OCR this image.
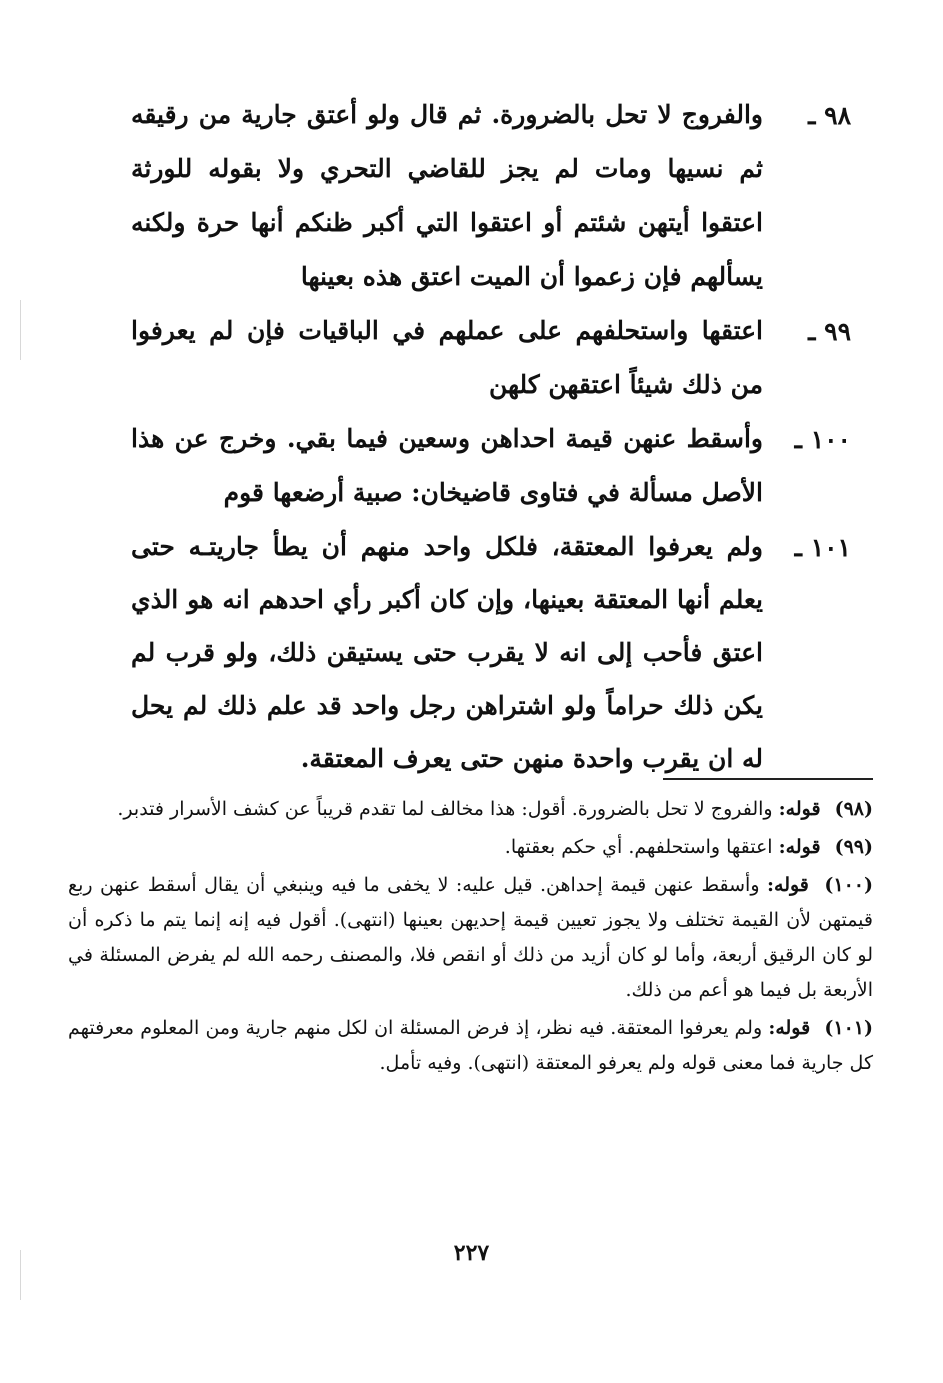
٩٨ ـ
والفروج لا تحل بالضرورة. ثم قال ولو أعتق جارية من رقيقه ثم نسيها ومات لم يجز للقاضي التحري ولا بقوله للورثة اعتقوا أيتهن شئتم أو اعتقوا التي أكبر ظنكم أنها حرة ولكنه يسألهم فإن زعموا أن الميت اعتق هذه بعينها
٩٩ ـ
اعتقها واستحلفهم على عملهم في الباقيات فإن لم يعرفوا من ذلك شيئاً اعتقهن كلهن
١٠٠ ـ
وأسقط عنهن قيمة احداهن وسعين فيما بقي. وخرج عن هذا الأصل مسألة في فتاوى قاضيخان: صبية أرضعها قوم
١٠١ ـ
ولم يعرفوا المعتقة، فلكل واحد منهم أن يطأ جاريتـه حتى يعلم أنها المعتقة بعينها، وإن كان أكبر رأي احدهم انه هو الذي اعتق فأحب إلى انه لا يقرب حتى يستيقن ذلك، ولو قرب لم يكن ذلك حراماً ولو اشتراهن رجل واحد قد علم ذلك لم يحل له ان يقرب واحدة منهن حتى يعرف المعتقة.

(٩٨) قوله: والفروج لا تحل بالضرورة. أقول: هذا مخالف لما تقدم قريباً عن كشف الأسرار فتدبر.

(٩٩) قوله: اعتقها واستحلفهم. أي حكم بعقتها.

(١٠٠) قوله: وأسقط عنهن قيمة إحداهن. قيل عليه: لا يخفى ما فيه وينبغي أن يقال أسقط عنهن ربع قيمتهن لأن القيمة تختلف ولا يجوز تعيين قيمة إحديهن بعينها (انتهى). أقول فيه إنه إنما يتم ما ذكره أن لو كان الرقيق أربعة، وأما لو كان أزيد من ذلك أو انقص فلا، والمصنف رحمه الله لم يفرض المسئلة في الأربعة بل فيما هو أعم من ذلك.

(١٠١) قوله: ولم يعرفوا المعتقة. فيه نظر، إذ فرض المسئلة ان لكل منهم جارية ومن المعلوم معرفتهم كل جارية فما معنى قوله ولم يعرفو المعتقة (انتهى). وفيه تأمل.

٢٢٧
